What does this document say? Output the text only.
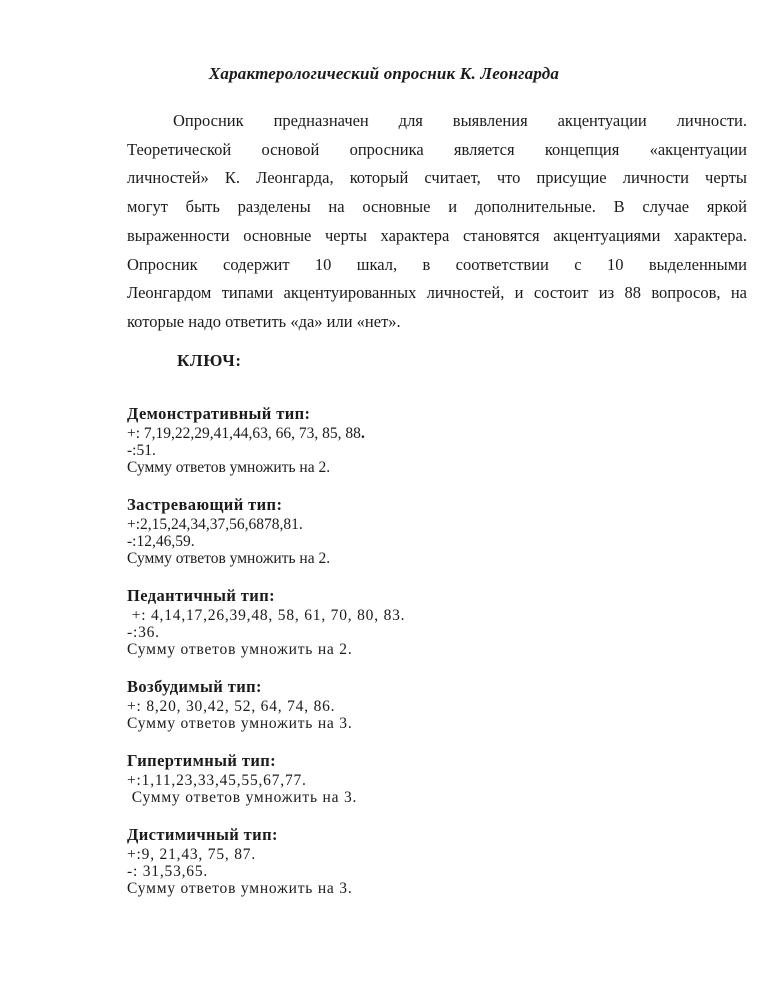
Характерологический опросник К. Леонгарда
Опросник предназначен для выявления акцентуации личности.
Теоретической основой опросника является концепция «акцентуации
личностей» К. Леонгарда, который считает, что присущие личности черты
могут быть разделены на основные и дополнительные. В случае яркой
выраженности основные черты характера становятся акцентуациями характера.
Опросник содержит 10 шкал, в соответствии с 10 выделенными
Леонгардом типами акцентуированных личностей, и состоит из 88 вопросов, на
которые надо ответить «да» или «нет».
КЛЮЧ:
Демонстративный тип:
+: 7,19,22,29,41,44,63, 66, 73, 85, 88.
-:51.
Сумму ответов умножить на 2.
Застревающий тип:
+:2,15,24,34,37,56,6878,81.
-:12,46,59.
Сумму ответов умножить на 2.
Педантичный тип:
+: 4,14,17,26,39,48, 58, 61, 70, 80, 83.
-:36.
Сумму ответов умножить на 2.
Возбудимый тип:
+: 8,20, 30,42, 52, 64, 74, 86.
Сумму ответов умножить на 3.
Гипертимный тип:
+:1,11,23,33,45,55,67,77.
Сумму ответов умножить на 3.
Дистимичный тип:
+:9, 21,43, 75, 87.
-: 31,53,65.
Сумму ответов умножить на 3.
